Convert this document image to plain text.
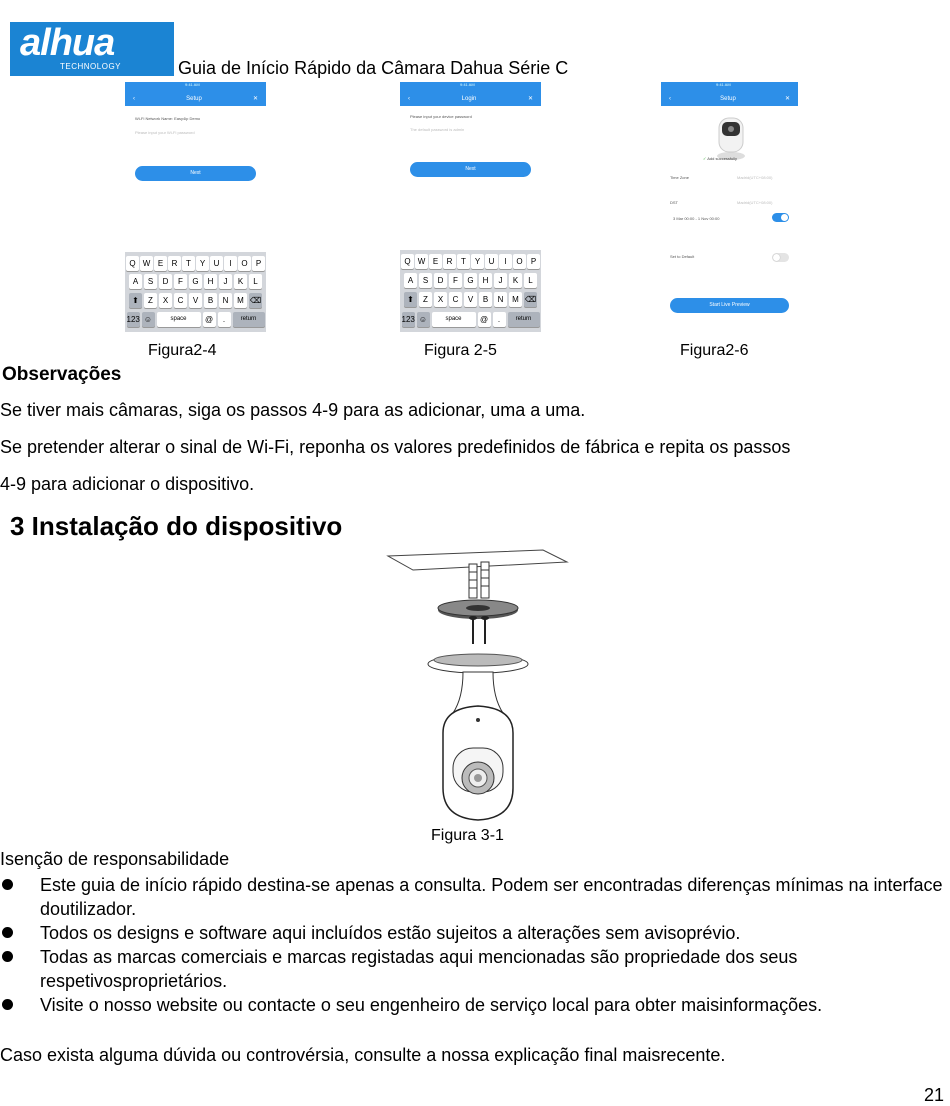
alhua
TECHNOLOGY	Guia de Início Rápido da Câmara Dahua Série C
9:41 AM
‹	Setup	✕
Wi-Fi Network Name: Easy4ip Demo
Please input your Wi-Fi password
Next
Q W E	R	T	Y	U	I	O	P
A	S	D	F	G	H	J	K	L
⬆	Z	X	C	V	B	N	M ⌫
123 ☺	space	@	.	return
9:41 AM
‹	Login	✕
Please input your device password
The default password is admin
Next
Q W E	R	T	Y	U	I	O	P
A	S	D	F	G	H	J	K	L
⬆	Z	X	C	V	B	N	M ⌫
123 ☺	space	@	.	return
9:41 AM
‹	Setup	✕
✓ Add successfully
Time Zone	Madrid(UTC+08:00)
DST	Madrid(UTC+08:00)
3 Mar 00:00 - 1 Nov 00:00
Set to Default
Start Live Preview
Figura2-4	Figura 2-5	Figura2-6
Observações
Se tiver mais câmaras, siga os passos 4-9 para as adicionar, uma a uma.
Se pretender alterar o sinal de Wi-Fi, reponha os valores predefinidos de fábrica e repita os passos
4-9 para adicionar o dispositivo.
3 Instalação do dispositivo
Figura 3-1
Isenção de responsabilidade
Este guia de início rápido destina-se apenas a consulta. Podem ser encontradas diferenças mínimas na interface doutilizador.
Todos os designs e software aqui incluídos estão sujeitos a alterações sem avisoprévio.
Todas as marcas comerciais e marcas registadas aqui mencionadas são propriedade dos seus respetivosproprietários.
Visite o nosso website ou contacte o seu engenheiro de serviço local para obter maisinformações.
Caso exista alguma dúvida ou controvérsia, consulte a nossa explicação final maisrecente.
21
